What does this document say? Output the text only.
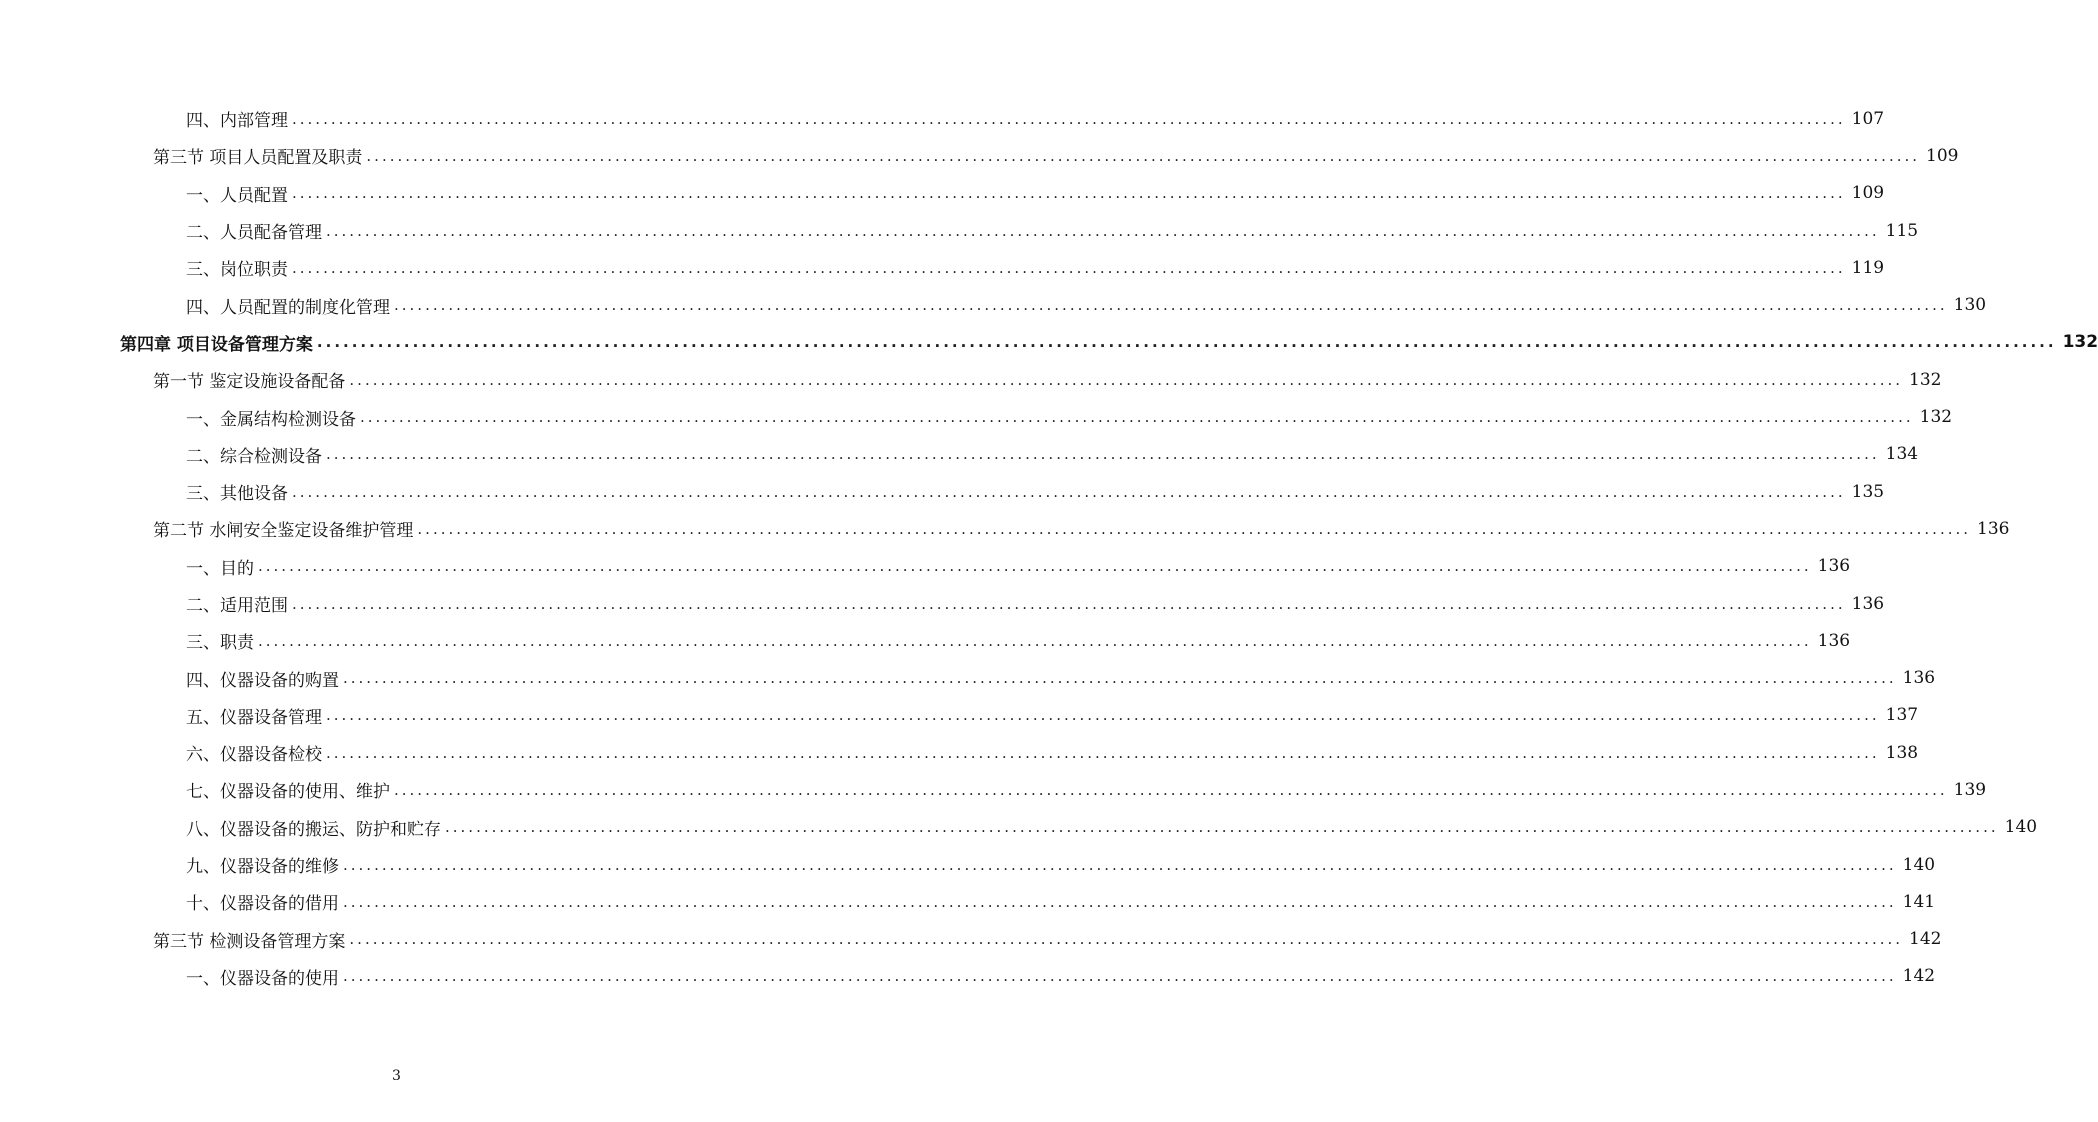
四、内部管理 ........................................................................................................................................................................................................ 107
第三节 项目人员配置及职责 ........................................................................................................................................................................................................ 109
一、人员配置 ........................................................................................................................................................................................................ 109
二、人员配备管理 ........................................................................................................................................................................................................ 115
三、岗位职责 ........................................................................................................................................................................................................ 119
四、人员配置的制度化管理 ........................................................................................................................................................................................................ 130
第四章 项目设备管理方案 ........................................................................................................................................................................................................ 132
第一节 鉴定设施设备配备 ........................................................................................................................................................................................................ 132
一、金属结构检测设备 ........................................................................................................................................................................................................ 132
二、综合检测设备 ........................................................................................................................................................................................................ 134
三、其他设备 ........................................................................................................................................................................................................ 135
第二节 水闸安全鉴定设备维护管理 ........................................................................................................................................................................................................ 136
一、目的 ........................................................................................................................................................................................................ 136
二、适用范围 ........................................................................................................................................................................................................ 136
三、职责 ........................................................................................................................................................................................................ 136
四、仪器设备的购置 ........................................................................................................................................................................................................ 136
五、仪器设备管理 ........................................................................................................................................................................................................ 137
六、仪器设备检校 ........................................................................................................................................................................................................ 138
七、仪器设备的使用、维护 ........................................................................................................................................................................................................ 139
八、仪器设备的搬运、防护和贮存 ........................................................................................................................................................................................................ 140
九、仪器设备的维修 ........................................................................................................................................................................................................ 140
十、仪器设备的借用 ........................................................................................................................................................................................................ 141
第三节 检测设备管理方案 ........................................................................................................................................................................................................ 142
一、仪器设备的使用 ........................................................................................................................................................................................................ 142
3
